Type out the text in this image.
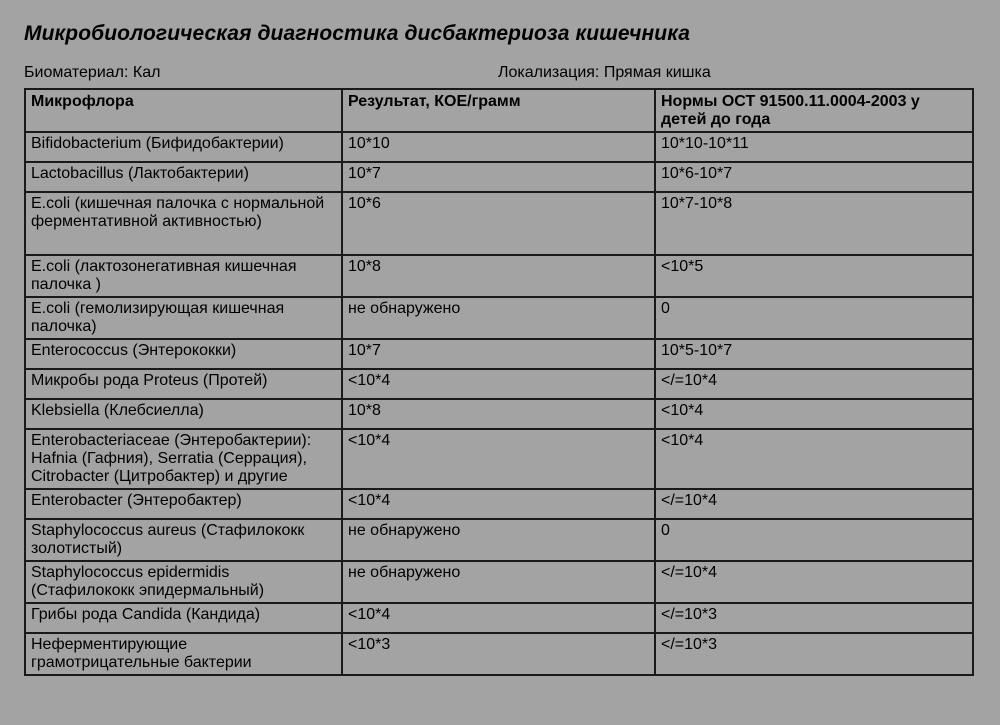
Микробиологическая диагностика дисбактериоза кишечника
Биоматериал: Кал	Локализация: Прямая кишка
Микрофлора	Результат, КОЕ/грамм	Нормы ОСТ 91500.11.0004-2003 у детей до года
Bifidobacterium (Бифидобактерии)	10*10	10*10-10*11
Lactobacillus (Лактобактерии)	10*7	10*6-10*7
E.coli (кишечная палочка с нормальной ферментативной активностью)	10*6	10*7-10*8
E.coli (лактозонегативная кишечная палочка )	10*8	<10*5
E.coli (гемолизирующая кишечная палочка)	не обнаружено	0
Enterococcus (Энтерококки)	10*7	10*5-10*7
Микробы рода Proteus (Протей)	<10*4	</=10*4
Klebsiella (Клебсиелла)	10*8	<10*4
Enterobacteriaceae (Энтеробактерии): Hafnia (Гафния), Serratia (Серрация), Citrobacter (Цитробактер) и другие	<10*4	<10*4
Enterobacter (Энтеробактер)	<10*4	</=10*4
Staphylococcus aureus (Стафилококк золотистый)	не обнаружено	0
Staphylococcus epidermidis (Стафилококк эпидермальный)	не обнаружено	</=10*4
Грибы рода Candida (Кандида)	<10*4	</=10*3
Неферментирующие грамотрицательные бактерии	<10*3	</=10*3
